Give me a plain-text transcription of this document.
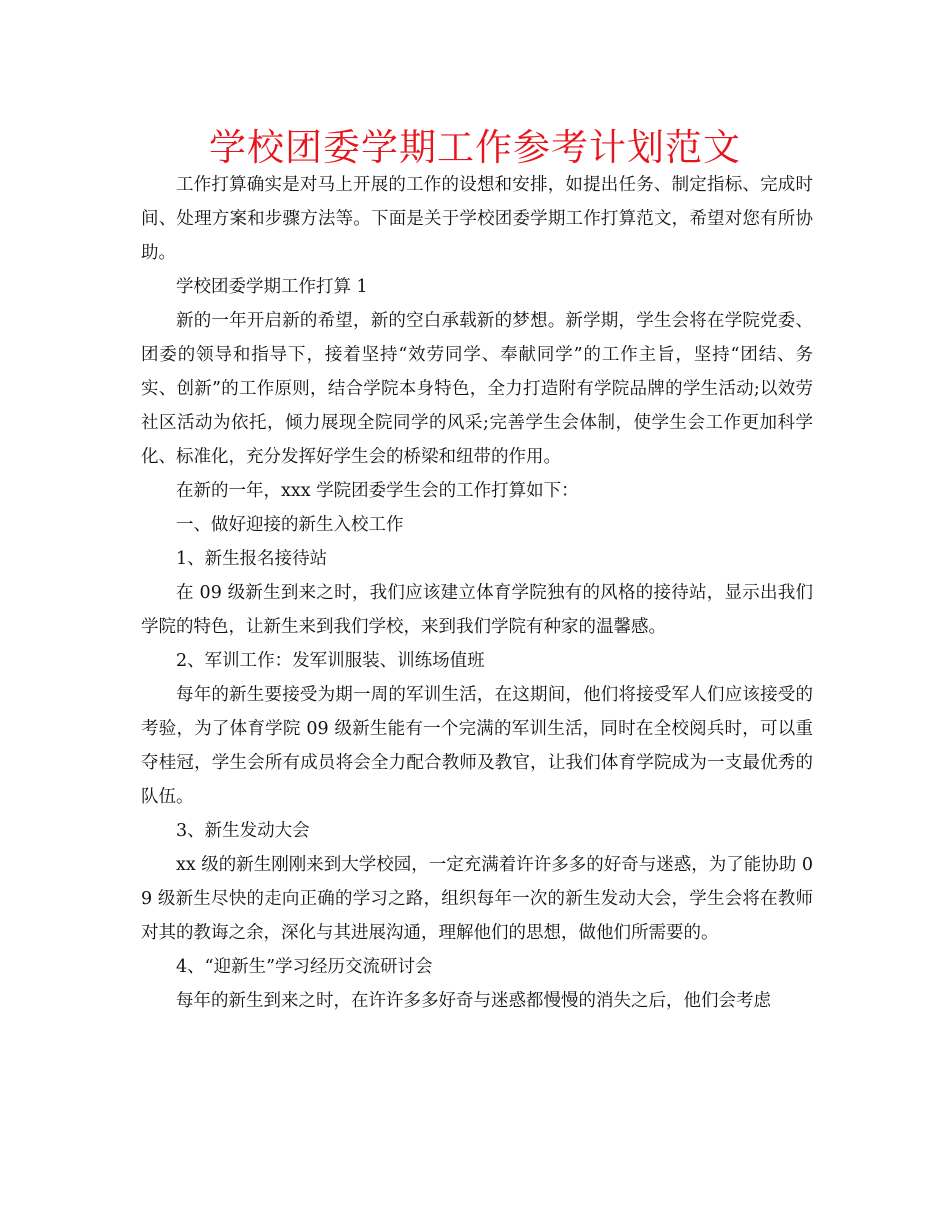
学校团委学期工作参考计划范文

工作打算确实是对马上开展的工作的设想和安排，如提出任务、制定指标、完成时间、处理方案和步骤方法等。下面是关于学校团委学期工作打算范文，希望对您有所协助。

学校团委学期工作打算 1

新的一年开启新的希望，新的空白承载新的梦想。新学期，学生会将在学院党委、团委的领导和指导下，接着坚持“效劳同学、奉献同学”的工作主旨，坚持“团结、务实、创新”的工作原则，结合学院本身特色，全力打造附有学院品牌的学生活动;以效劳社区活动为依托，倾力展现全院同学的风采;完善学生会体制，使学生会工作更加科学化、标准化，充分发挥好学生会的桥梁和纽带的作用。

在新的一年，xxx 学院团委学生会的工作打算如下：

一、做好迎接的新生入校工作

1、新生报名接待站

在 09 级新生到来之时，我们应该建立体育学院独有的风格的接待站，显示出我们学院的特色，让新生来到我们学校，来到我们学院有种家的温馨感。

2、军训工作：发军训服装、训练场值班

每年的新生要接受为期一周的军训生活，在这期间，他们将接受军人们应该接受的考验，为了体育学院 09 级新生能有一个完满的军训生活，同时在全校阅兵时，可以重夺桂冠，学生会所有成员将会全力配合教师及教官，让我们体育学院成为一支最优秀的队伍。

3、新生发动大会

xx 级的新生刚刚来到大学校园，一定充满着许许多多的好奇与迷惑，为了能协助 09 级新生尽快的走向正确的学习之路，组织每年一次的新生发动大会，学生会将在教师对其的教诲之余，深化与其进展沟通，理解他们的思想，做他们所需要的。

4、“迎新生”学习经历交流研讨会

每年的新生到来之时，在许许多多好奇与迷惑都慢慢的消失之后，他们会考虑
